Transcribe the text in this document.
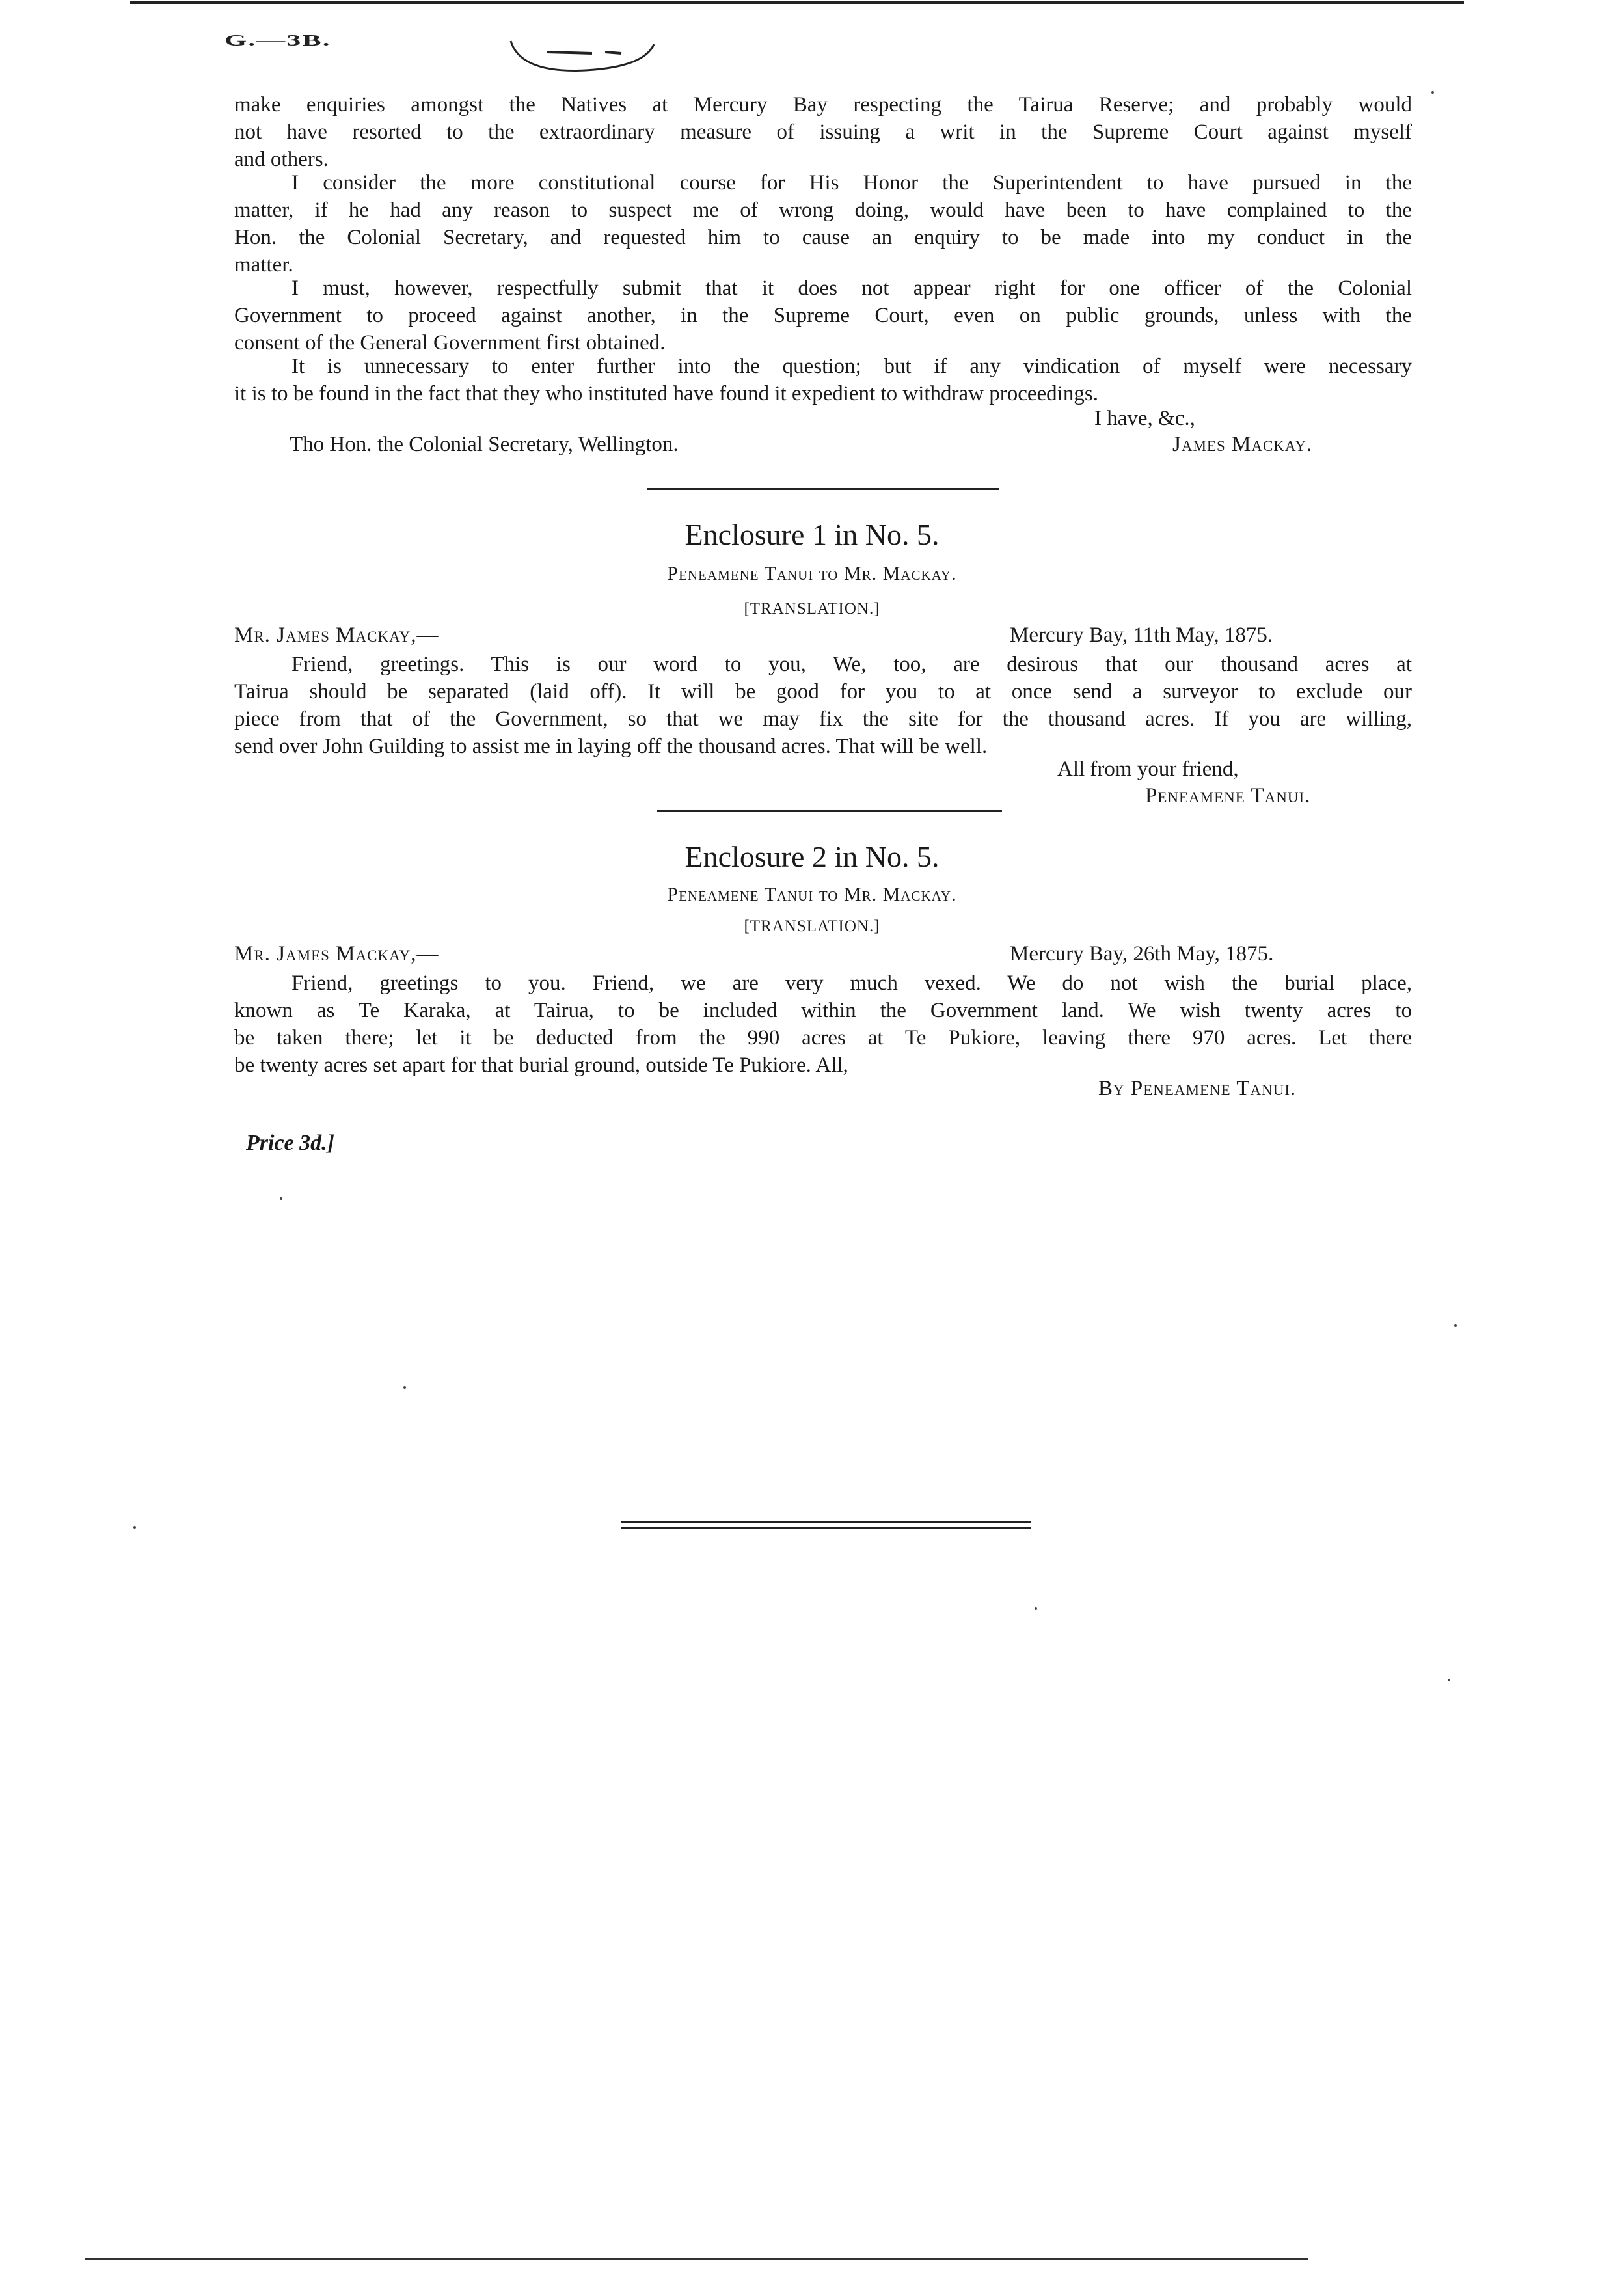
G.—3B.
make enquiries amongst the Natives at Mercury Bay respecting the Tairua Reserve; and probably would
not have resorted to the extraordinary measure of issuing a writ in the Supreme Court against myself
and others.
I consider the more constitutional course for His Honor the Superintendent to have pursued in the
matter, if he had any reason to suspect me of wrong doing, would have been to have complained to the
Hon. the Colonial Secretary, and requested him to cause an enquiry to be made into my conduct in the
matter.
I must, however, respectfully submit that it does not appear right for one officer of the Colonial
Government to proceed against another, in the Supreme Court, even on public grounds, unless with the
consent of the General Government first obtained.
It is unnecessary to enter further into the question; but if any vindication of myself were necessary
it is to be found in the fact that they who instituted have found it expedient to withdraw proceedings.
I have, &c.,
Tho Hon. the Colonial Secretary, Wellington.	James Mackay.
Enclosure 1 in No. 5.
Peneamene Tanui to Mr. Mackay.
[TRANSLATION.]
Mr. James Mackay,—	Mercury Bay, 11th May, 1875.
Friend, greetings. This is our word to you, We, too, are desirous that our thousand acres at
Tairua should be separated (laid off). It will be good for you to at once send a surveyor to exclude our
piece from that of the Government, so that we may fix the site for the thousand acres. If you are willing,
send over John Guilding to assist me in laying off the thousand acres. That will be well.
All from your friend,
Peneamene Tanui.
Enclosure 2 in No. 5.
Peneamene Tanui to Mr. Mackay.
[TRANSLATION.]
Mr. James Mackay,—	Mercury Bay, 26th May, 1875.
Friend, greetings to you. Friend, we are very much vexed. We do not wish the burial place,
known as Te Karaka, at Tairua, to be included within the Government land. We wish twenty acres to
be taken there; let it be deducted from the 990 acres at Te Pukiore, leaving there 970 acres. Let there
be twenty acres set apart for that burial ground, outside Te Pukiore. All,
By Peneamene Tanui.
Price 3d.]
